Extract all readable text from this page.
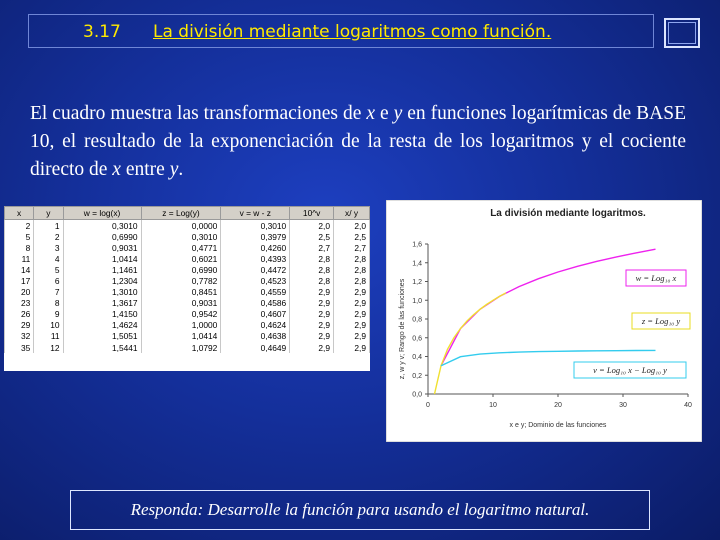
3.17 La división mediante logaritmos como función.
El cuadro muestra las transformaciones de x e y en funciones logarítmicas de BASE 10, el resultado de la exponenciación de la resta de los logaritmos y el cociente directo de x entre y.
x	y	w = log(x)	z = Log(y)	v = w - z	10^v	x/ y
2	1	0,3010	0,0000	0,3010	2,0	2,0
5	2	0,6990	0,3010	0,3979	2,5	2,5
8	3	0,9031	0,4771	0,4260	2,7	2,7
11	4	1,0414	0,6021	0,4393	2,8	2,8
14	5	1,1461	0,6990	0,4472	2,8	2,8
17	6	1,2304	0,7782	0,4523	2,8	2,8
20	7	1,3010	0,8451	0,4559	2,9	2,9
23	8	1,3617	0,9031	0,4586	2,9	2,9
26	9	1,4150	0,9542	0,4607	2,9	2,9
29	10	1,4624	1,0000	0,4624	2,9	2,9
32	11	1,5051	1,0414	0,4638	2,9	2,9
35	12	1,5441	1,0792	0,4649	2,9	2,9
La división mediante logaritmos.
0	10	20	30	40
0,0
0,2
0,4
0,6
0,8
1,0
1,2
1,4
1,6
x e y; Dominio de las funciones
z, w y v; Rango de las funciones
w = Log₁₀ x
z = Log₁₀ y
v = Log₁₀ x − Log₁₀ y
Responda: Desarrolle la función para usando el logaritmo natural.
